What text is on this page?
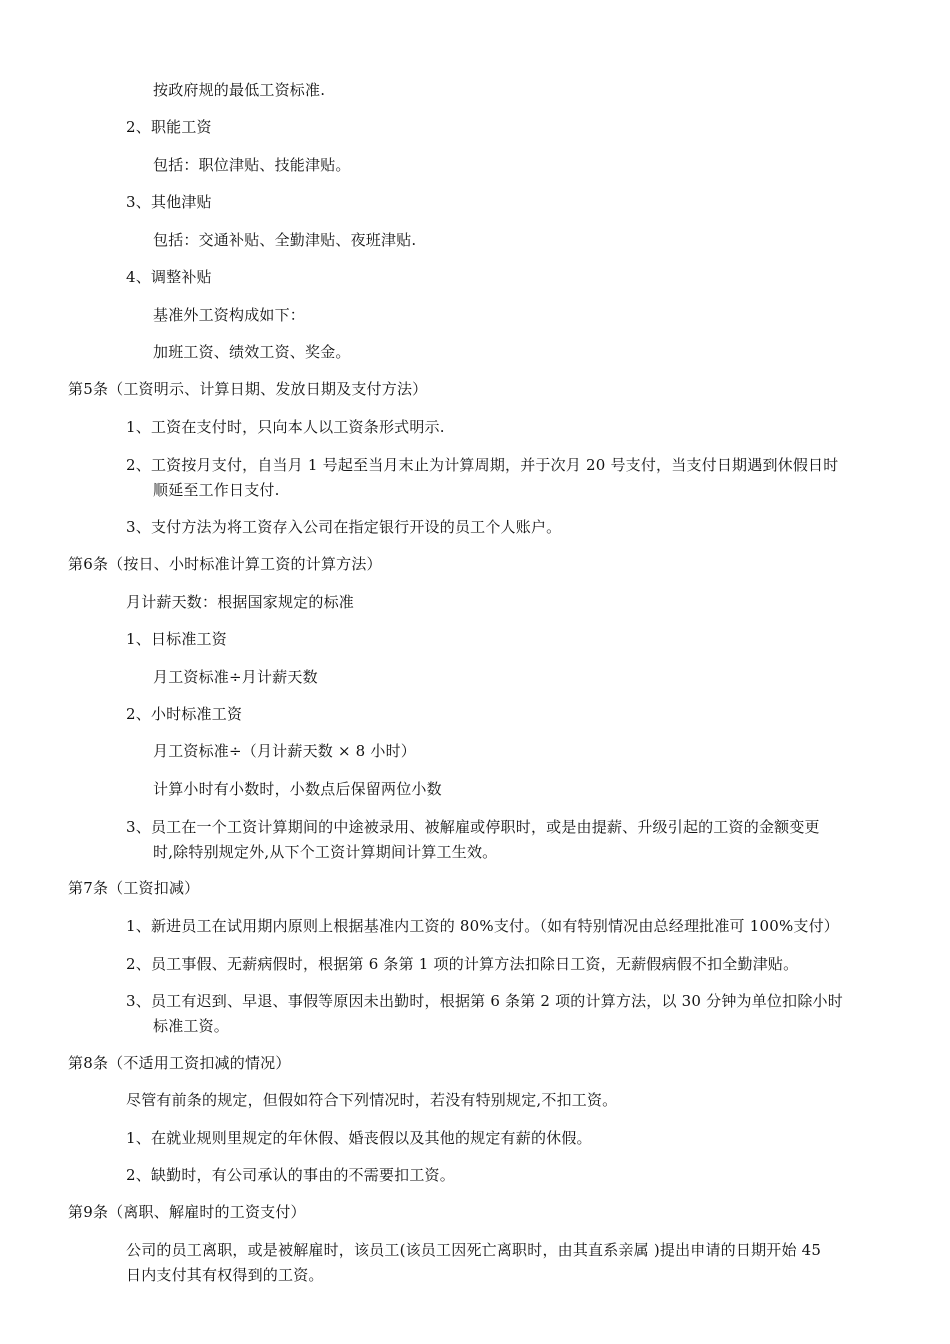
按政府规的最低工资标准.
2、职能工资
包括：职位津贴、技能津贴。
3、其他津贴
包括：交通补贴、全勤津贴、夜班津贴.
4、调整补贴
基准外工资构成如下：
加班工资、绩效工资、奖金。
第5条（工资明示、计算日期、发放日期及支付方法）
1、工资在支付时，只向本人以工资条形式明示.
2、工资按月支付，自当月 1 号起至当月末止为计算周期，并于次月 20 号支付，当支付日期遇到休假日时
顺延至工作日支付.
3、支付方法为将工资存入公司在指定银行开设的员工个人账户。
第6条（按日、小时标准计算工资的计算方法）
月计薪天数：根据国家规定的标准
1、日标准工资
月工资标准÷月计薪天数
2、小时标准工资
月工资标准÷（月计薪天数 × 8 小时）
计算小时有小数时，小数点后保留两位小数
3、员工在一个工资计算期间的中途被录用、被解雇或停职时，或是由提薪、升级引起的工资的金额变更
时,除特别规定外,从下个工资计算期间计算工生效。
第7条（工资扣减）
1、新进员工在试用期内原则上根据基准内工资的 80%支付。（如有特别情况由总经理批准可 100%支付）
2、员工事假、无薪病假时，根据第 6 条第 1 项的计算方法扣除日工资，无薪假病假不扣全勤津贴。
3、员工有迟到、早退、事假等原因未出勤时，根据第 6 条第 2 项的计算方法，以 30 分钟为单位扣除小时
标准工资。
第8条（不适用工资扣减的情况）
尽管有前条的规定，但假如符合下列情况时，若没有特别规定,不扣工资。
1、在就业规则里规定的年休假、婚丧假以及其他的规定有薪的休假。
2、缺勤时，有公司承认的事由的不需要扣工资。
第9条（离职、解雇时的工资支付）
公司的员工离职，或是被解雇时，该员工(该员工因死亡离职时，由其直系亲属 )提出申请的日期开始 45
日内支付其有权得到的工资。
